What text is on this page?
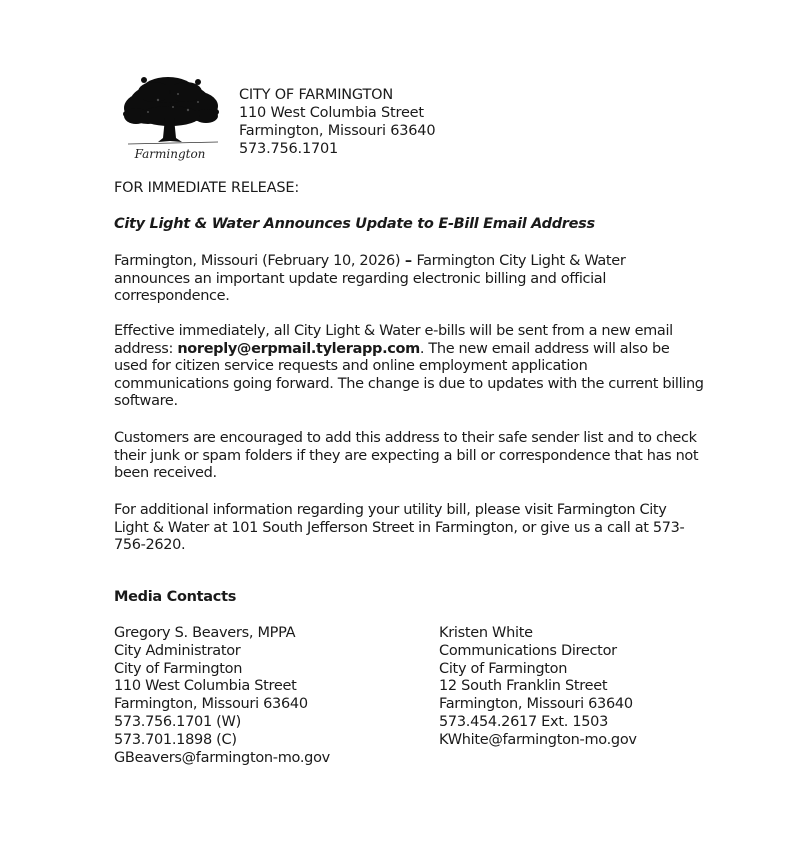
Farmington
CITY OF FARMINGTON
110 West Columbia Street
Farmington, Missouri 63640
573.756.1701
FOR IMMEDIATE RELEASE:
City Light & Water Announces Update to E-Bill Email Address
Farmington, Missouri (February 10, 2026) – Farmington City Light & Water announces an important update regarding electronic billing and official correspondence.
Effective immediately, all City Light & Water e-bills will be sent from a new email address: noreply@erpmail.tylerapp.com. The new email address will also be used for citizen service requests and online employment application communications going forward. The change is due to updates with the current billing software.
Customers are encouraged to add this address to their safe sender list and to check their junk or spam folders if they are expecting a bill or correspondence that has not been received.
For additional information regarding your utility bill, please visit Farmington City Light & Water at 101 South Jefferson Street in Farmington, or give us a call at 573-756-2620.
Media Contacts
Gregory S. Beavers, MPPA
City Administrator
City of Farmington
110 West Columbia Street
Farmington, Missouri 63640
573.756.1701 (W)
573.701.1898 (C)
GBeavers@farmington-mo.gov
Kristen White
Communications Director
City of Farmington
12 South Franklin Street
Farmington, Missouri 63640
573.454.2617 Ext. 1503
KWhite@farmington-mo.gov
